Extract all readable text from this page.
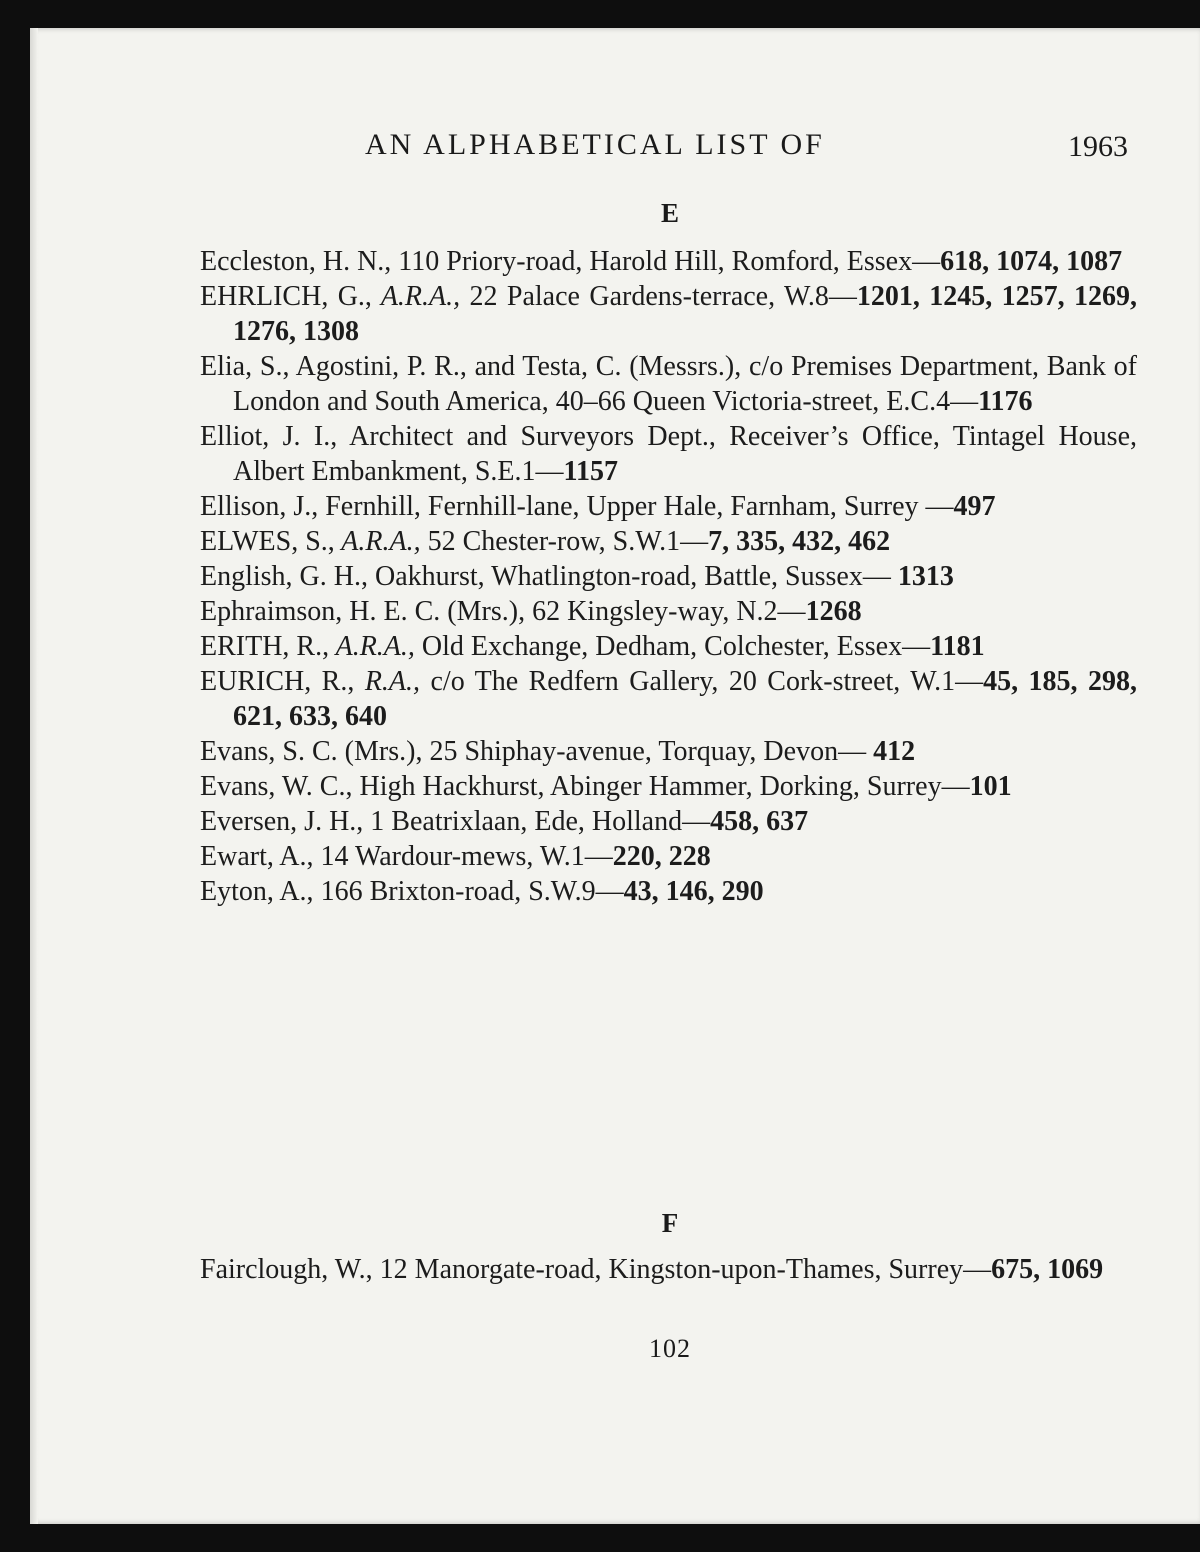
AN ALPHABETICAL LIST OF	1963
E

Eccleston, H. N., 110 Priory-road, Harold Hill, Romford, Essex—618, 1074, 1087

EHRLICH, G., A.R.A., 22 Palace Gardens-terrace, W.8—1201, 1245, 1257, 1269, 1276, 1308

Elia, S., Agostini, P. R., and Testa, C. (Messrs.), c/o Premises Department, Bank of London and South America, 40–66 Queen Victoria-street, E.C.4—1176

Elliot, J. I., Architect and Surveyors Dept., Receiver’s Office, Tintagel House, Albert Embankment, S.E.1—1157

Ellison, J., Fernhill, Fernhill-lane, Upper Hale, Farnham, Surrey —497

ELWES, S., A.R.A., 52 Chester-row, S.W.1—7, 335, 432, 462

English, G. H., Oakhurst, Whatlington-road, Battle, Sussex— 1313

Ephraimson, H. E. C. (Mrs.), 62 Kingsley-way, N.2—1268

ERITH, R., A.R.A., Old Exchange, Dedham, Colchester, Essex—1181

EURICH, R., R.A., c/o The Redfern Gallery, 20 Cork-street, W.1—45, 185, 298, 621, 633, 640

Evans, S. C. (Mrs.), 25 Shiphay-avenue, Torquay, Devon— 412

Evans, W. C., High Hackhurst, Abinger Hammer, Dorking, Surrey—101

Eversen, J. H., 1 Beatrixlaan, Ede, Holland—458, 637

Ewart, A., 14 Wardour-mews, W.1—220, 228

Eyton, A., 166 Brixton-road, S.W.9—43, 146, 290

F

Fairclough, W., 12 Manorgate-road, Kingston-upon-Thames, Surrey—675, 1069

102
